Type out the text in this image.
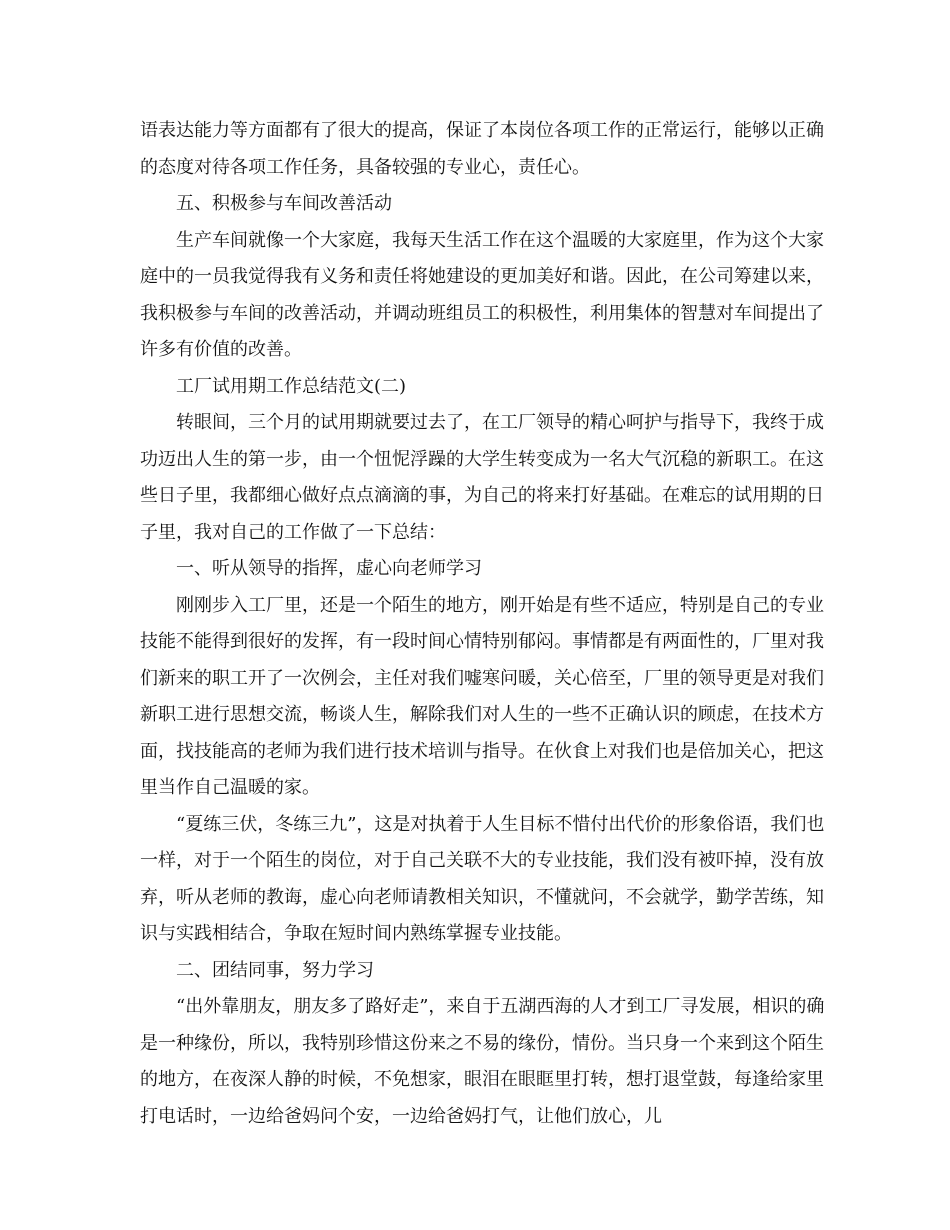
语表达能力等方面都有了很大的提高，保证了本岗位各项工作的正常运行，能够以正确的态度对待各项工作任务，具备较强的专业心，责任心。

五、积极参与车间改善活动

生产车间就像一个大家庭，我每天生活工作在这个温暖的大家庭里，作为这个大家庭中的一员我觉得我有义务和责任将她建设的更加美好和谐。因此，在公司筹建以来，我积极参与车间的改善活动，并调动班组员工的积极性，利用集体的智慧对车间提出了许多有价值的改善。

工厂试用期工作总结范文(二)

转眼间，三个月的试用期就要过去了，在工厂领导的精心呵护与指导下，我终于成功迈出人生的第一步，由一个忸怩浮躁的大学生转变成为一名大气沉稳的新职工。在这些日子里，我都细心做好点点滴滴的事，为自己的将来打好基础。在难忘的试用期的日子里，我对自己的工作做了一下总结：

一、听从领导的指挥，虚心向老师学习

刚刚步入工厂里，还是一个陌生的地方，刚开始是有些不适应，特别是自己的专业技能不能得到很好的发挥，有一段时间心情特别郁闷。事情都是有两面性的，厂里对我们新来的职工开了一次例会，主任对我们嘘寒问暖，关心倍至，厂里的领导更是对我们新职工进行思想交流，畅谈人生，解除我们对人生的一些不正确认识的顾虑，在技术方面，找技能高的老师为我们进行技术培训与指导。在伙食上对我们也是倍加关心，把这里当作自己温暖的家。

“夏练三伏，冬练三九”，这是对执着于人生目标不惜付出代价的形象俗语，我们也一样，对于一个陌生的岗位，对于自己关联不大的专业技能，我们没有被吓掉，没有放弃，听从老师的教诲，虚心向老师请教相关知识，不懂就问，不会就学，勤学苦练，知识与实践相结合，争取在短时间内熟练掌握专业技能。

二、团结同事，努力学习

“出外靠朋友，朋友多了路好走”，来自于五湖西海的人才到工厂寻发展，相识的确是一种缘份，所以，我特别珍惜这份来之不易的缘份，情份。当只身一个来到这个陌生的地方，在夜深人静的时候，不免想家，眼泪在眼眶里打转，想打退堂鼓，每逢给家里打电话时，一边给爸妈问个安，一边给爸妈打气，让他们放心，儿
